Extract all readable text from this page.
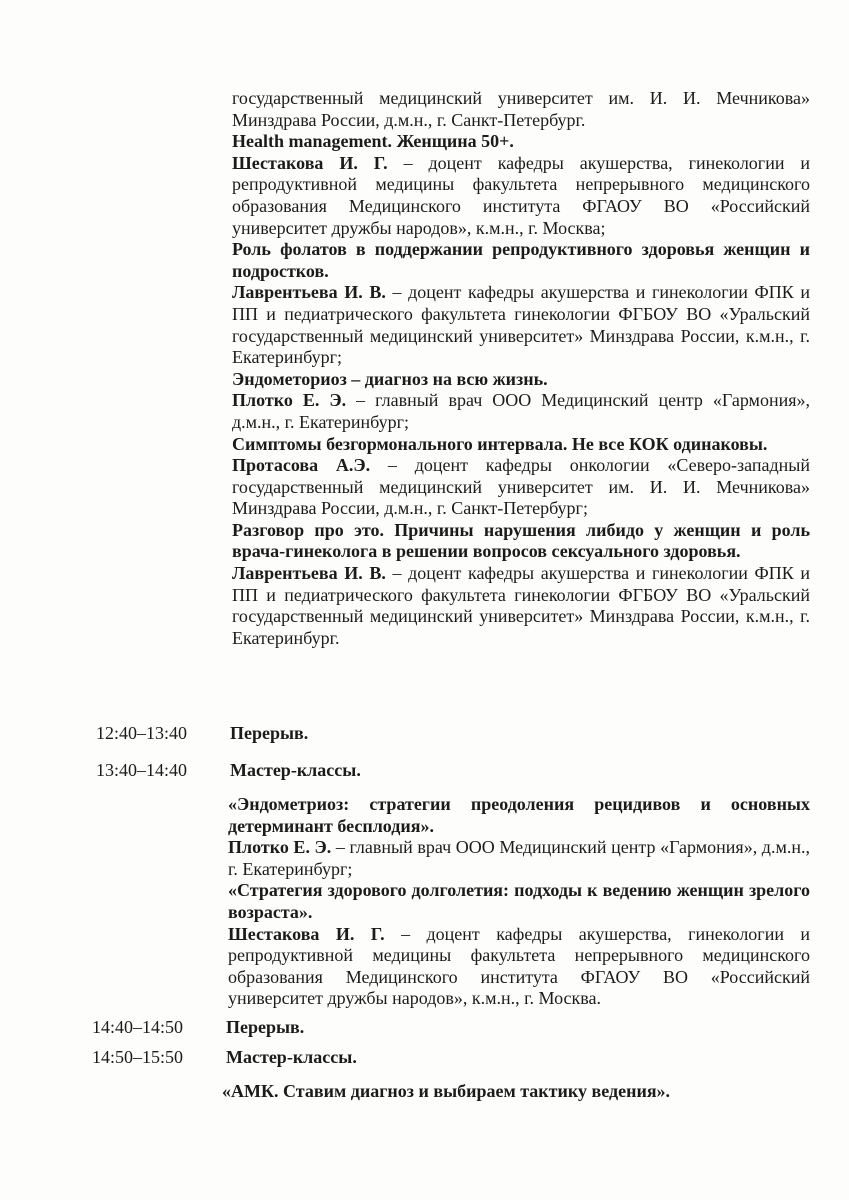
государственный медицинский университет им. И. И. Мечникова» Минздрава России, д.м.н., г. Санкт-Петербург.

Health management. Женщина 50+.

Шестакова И. Г. – доцент кафедры акушерства, гинекологии и репродуктивной медицины факультета непрерывного медицинского образования Медицинского института ФГАОУ ВО «Российский университет дружбы народов», к.м.н., г. Москва;

Роль фолатов в поддержании репродуктивного здоровья женщин и подростков.

Лаврентьева И. В. – доцент кафедры акушерства и гинекологии ФПК и ПП и педиатрического факультета гинекологии ФГБОУ ВО «Уральский государственный медицинский университет» Минздрава России, к.м.н., г. Екатеринбург;

Эндометориоз – диагноз на всю жизнь.

Плотко Е. Э. – главный врач ООО Медицинский центр «Гармония», д.м.н., г. Екатеринбург;

Симптомы безгормонального интервала. Не все КОК одинаковы.

Протасова А.Э. – доцент кафедры онкологии «Северо-западный государственный медицинский университет им. И. И. Мечникова» Минздрава России, д.м.н., г. Санкт-Петербург;

Разговор про это. Причины нарушения либидо у женщин и роль врача-гинеколога в решении вопросов сексуального здоровья.

Лаврентьева И. В. – доцент кафедры акушерства и гинекологии ФПК и ПП и педиатрического факультета гинекологии ФГБОУ ВО «Уральский государственный медицинский университет» Минздрава России, к.м.н., г. Екатеринбург.

12:40–13:40	Перерыв.
13:40–14:40	Мастер-классы.

«Эндометриоз: стратегии преодоления рецидивов и основных детерминант бесплодия».

Плотко Е. Э. – главный врач ООО Медицинский центр «Гармония», д.м.н., г. Екатеринбург;

«Стратегия здорового долголетия: подходы к ведению женщин зрелого возраста».

Шестакова И. Г. – доцент кафедры акушерства, гинекологии и репродуктивной медицины факультета непрерывного медицинского образования Медицинского института ФГАОУ ВО «Российский университет дружбы народов», к.м.н., г. Москва.

14:40–14:50	Перерыв.
14:50–15:50	Мастер-классы.

«АМК. Ставим диагноз и выбираем тактику ведения».
